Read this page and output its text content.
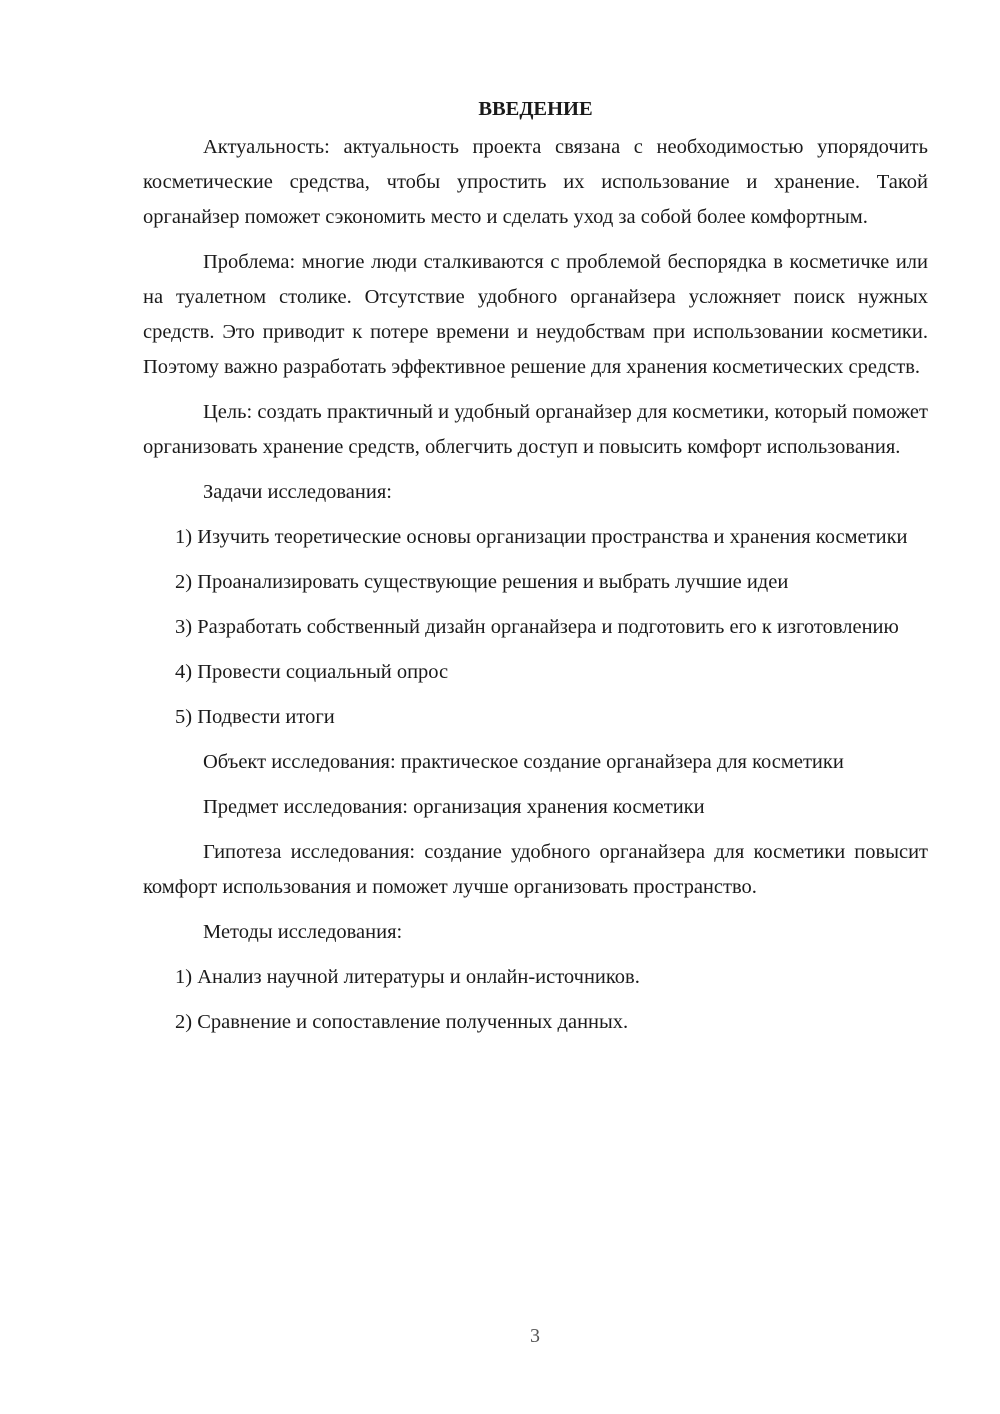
ВВЕДЕНИЕ

Актуальность: актуальность проекта связана с необходимостью упорядочить косметические средства, чтобы упростить их использование и хранение. Такой органайзер поможет сэкономить место и сделать уход за собой более комфортным.

Проблема: многие люди сталкиваются с проблемой беспорядка в косметичке или на туалетном столике. Отсутствие удобного органайзера усложняет поиск нужных средств. Это приводит к потере времени и неудобствам при использовании косметики. Поэтому важно разработать эффективное решение для хранения косметических средств.

Цель: создать практичный и удобный органайзер для косметики, который поможет организовать хранение средств, облегчить доступ и повысить комфорт использования.

Задачи исследования:

1) Изучить теоретические основы организации пространства и хранения косметики

2) Проанализировать существующие решения и выбрать лучшие идеи

3) Разработать собственный дизайн органайзера и подготовить его к изготовлению

4) Провести социальный опрос

5) Подвести итоги

Объект исследования: практическое создание органайзера для косметики

Предмет исследования: организация хранения косметики

Гипотеза исследования: создание удобного органайзера для косметики повысит комфорт использования и поможет лучше организовать пространство.

Методы исследования:

1) Анализ научной литературы и онлайн-источников.

2) Сравнение и сопоставление полученных данных.

3
